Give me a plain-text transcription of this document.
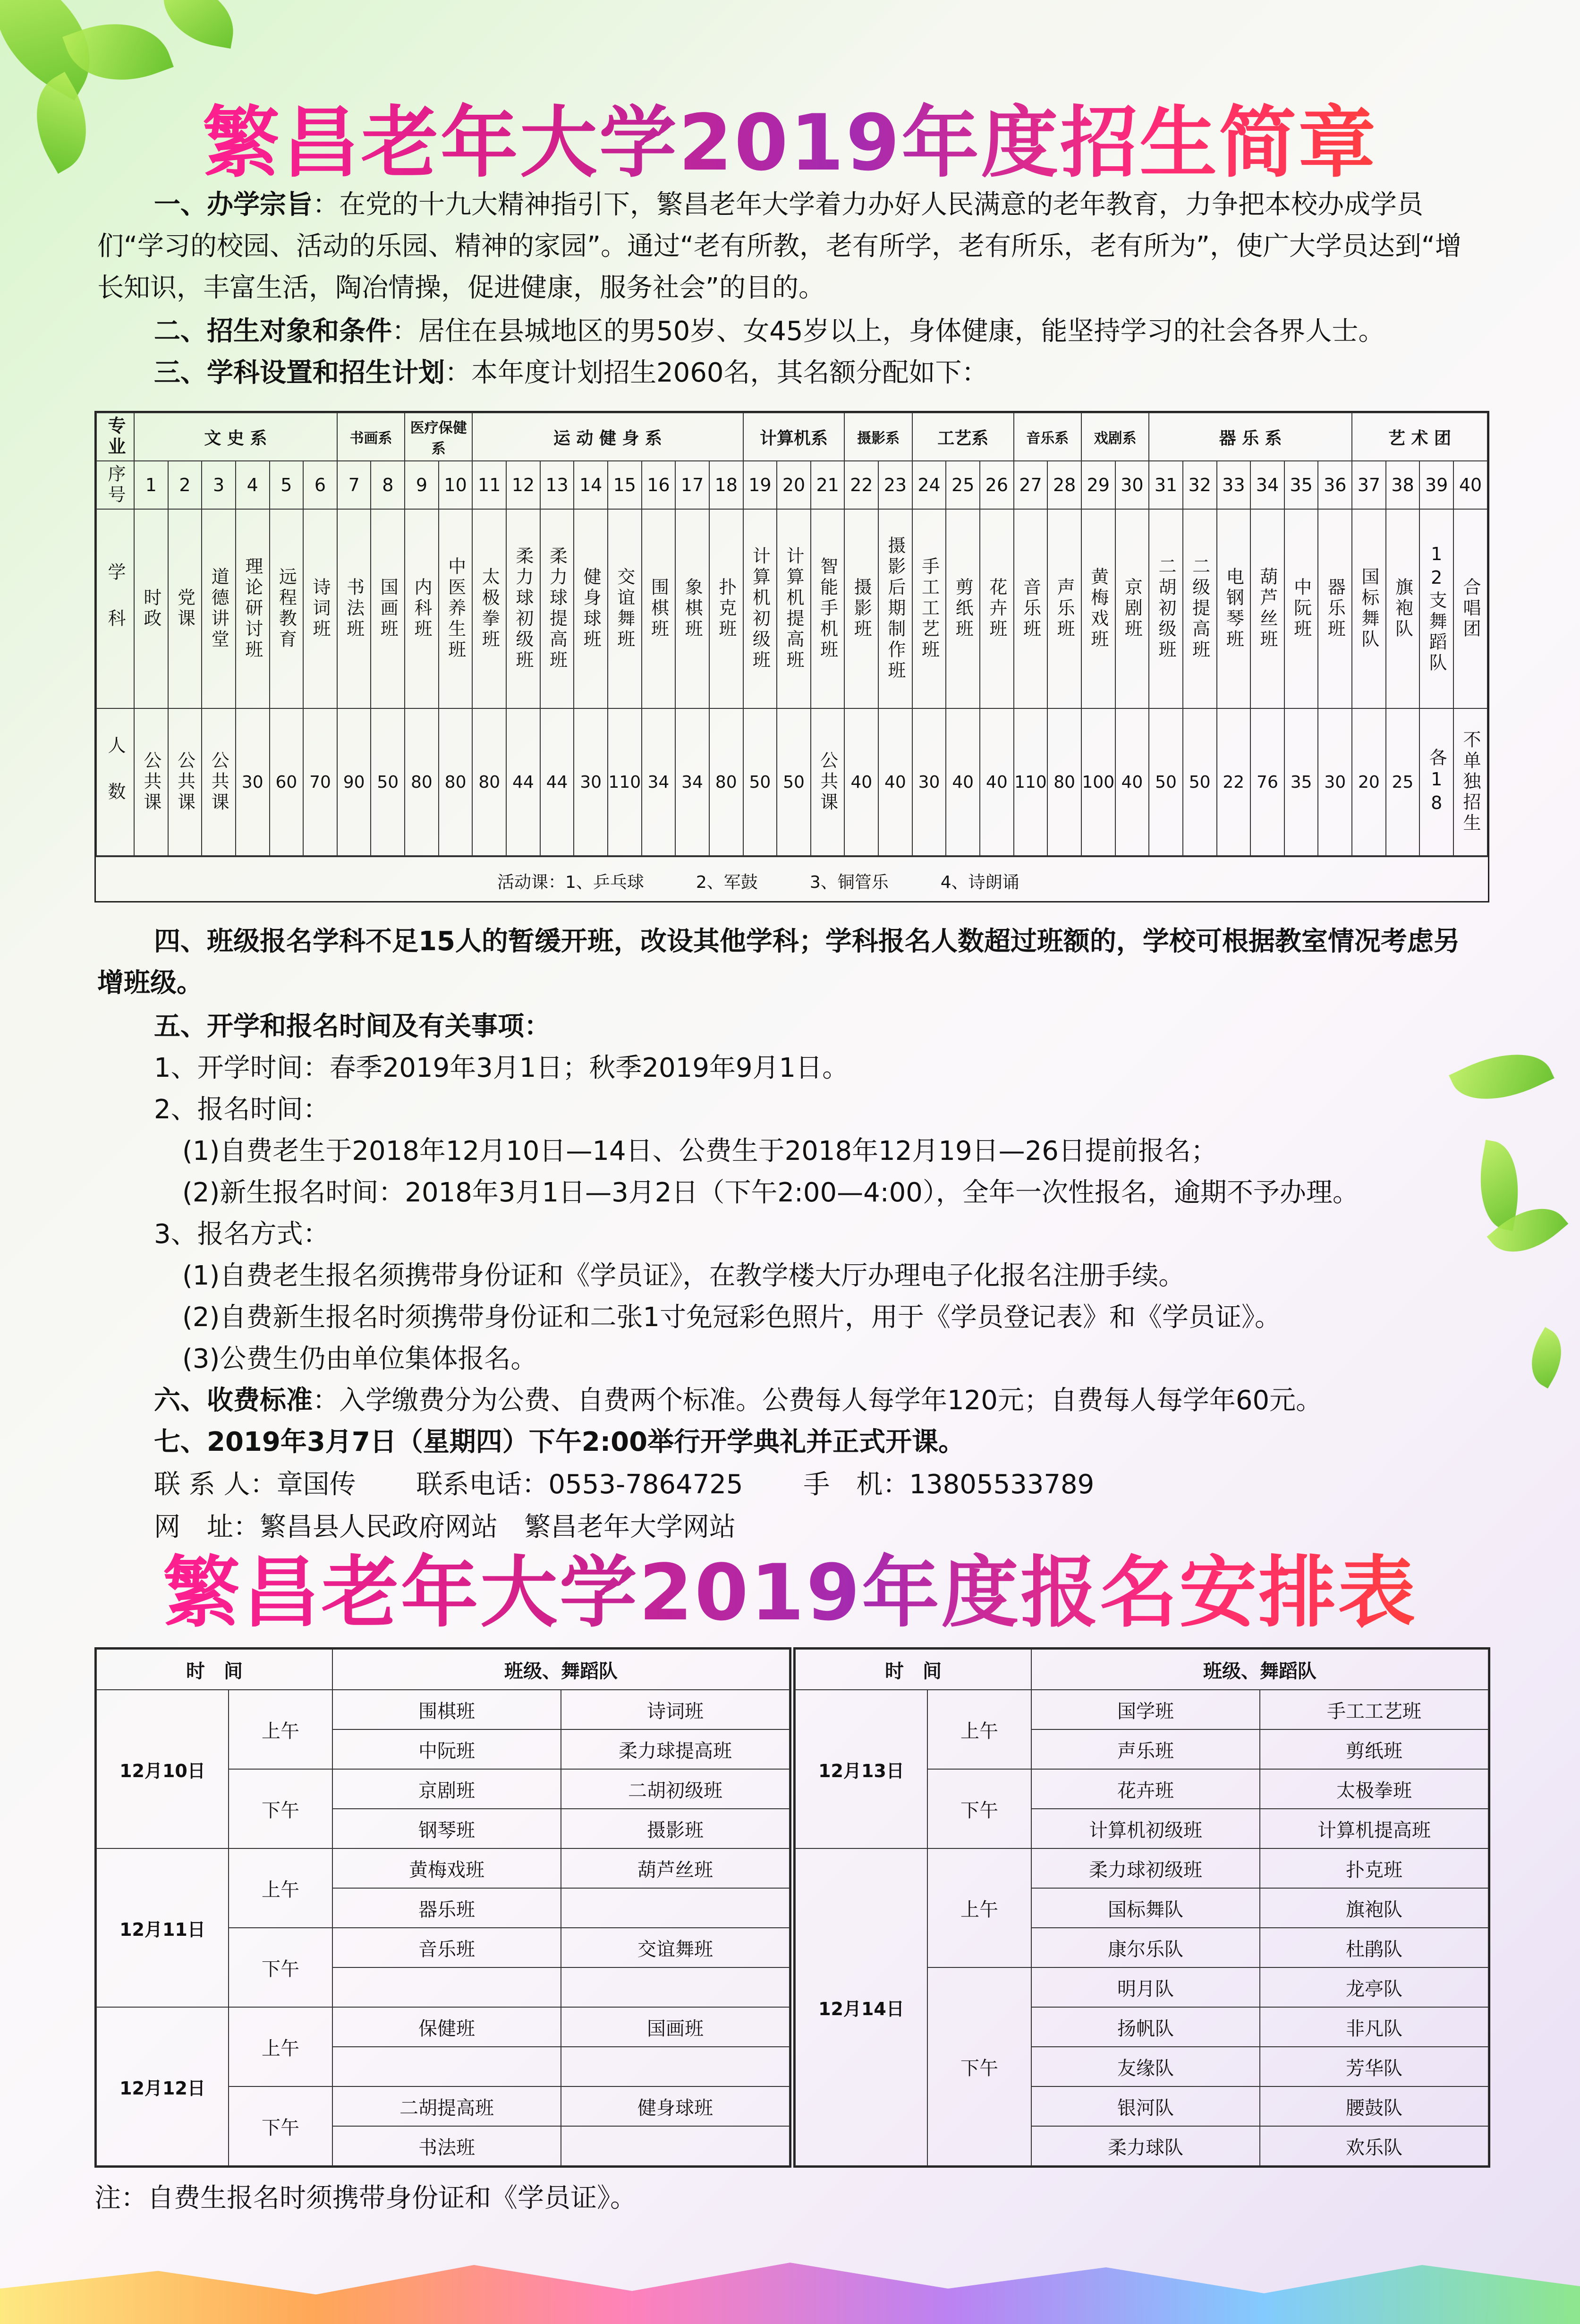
繁昌老年大学2019年度招生简章
一、办学宗旨：在党的十九大精神指引下，繁昌老年大学着力办好人民满意的老年教育，力争把本校办成学员们“学习的校园、活动的乐园、精神的家园”。通过“老有所教，老有所学，老有所乐，老有所为”，使广大学员达到“增长知识，丰富生活，陶冶情操，促进健康，服务社会”的目的。
二、招生对象和条件：居住在县城地区的男50岁、女45岁以上，身体健康，能坚持学习的社会各界人士。
三、学科设置和招生计划：本年度计划招生2060名，其名额分配如下：
专业	文 史 系						书画系		医疗保健系		运 动 健 身 系								计算机系			摄影系		工艺系			音乐系		戏剧系		器 乐 系						艺 术 团			

序号	1	2	3	4	5	6	7	8	9	10	11	12	13	14	15	16	17	18	19	20	21	22	23	24	25	26	27	28	29	30	31	32	33	34	35	36	37	38	39	40

学科	时政	党课	道德讲堂	理论研讨班	远程教育	诗词班	书法班	国画班	内科班	中医养生班	太极拳班	柔力球初级班	柔力球提高班	健身球班	交谊舞班	围棋班	象棋班	扑克班	计算机初级班	计算机提高班	智能手机班	摄影班	摄影后期制作班	手工工艺班	剪纸班	花卉班	音乐班	声乐班	黄梅戏班	京剧班	二胡初级班	二级提高班	电钢琴班	葫芦丝班	中阮班	器乐班	国标舞队	旗袍队	12支舞蹈队	合唱团

人数	公共课	公共课	公共课	30	60	70	90	50	80	80	80	44	44	30	110	34	34	80	50	50	公共课	40	40	30	40	40	110	80	100	40	50	50	22	76	35	30	20	25	各18	不单独招生
活动课：1、乒乓球	2、军鼓	3、铜管乐	4、诗朗诵
四、班级报名学科不足15人的暂缓开班，改设其他学科；学科报名人数超过班额的，学校可根据教室情况考虑另增班级。
五、开学和报名时间及有关事项：
1、开学时间：春季2019年3月1日；秋季2019年9月1日。
2、报名时间：
(1)自费老生于2018年12月10日—14日、公费生于2018年12月19日—26日提前报名；
(2)新生报名时间：2018年3月1日—3月2日（下午2:00—4:00），全年一次性报名，逾期不予办理。
3、报名方式：
(1)自费老生报名须携带身份证和《学员证》，在教学楼大厅办理电子化报名注册手续。
(2)自费新生报名时须携带身份证和二张1寸免冠彩色照片，用于《学员登记表》和《学员证》。
(3)公费生仍由单位集体报名。
六、收费标准：入学缴费分为公费、自费两个标准。公费每人每学年120元；自费每人每学年60元。
七、2019年3月7日（星期四）下午2:00举行开学典礼并正式开课。
联 系 人：章国传 联系电话：0553-7864725 手　机：13805533789
网　址：繁昌县人民政府网站　繁昌老年大学网站
繁昌老年大学2019年度报名安排表
时　间		班级、舞蹈队	
12月10日	上午	围棋班	诗词班
		中阮班	柔力球提高班
	下午	京剧班	二胡初级班
		钢琴班	摄影班
12月11日	上午	黄梅戏班	葫芦丝班
		器乐班	
	下午	音乐班	交谊舞班

12月12日	上午	保健班	国画班

	下午	二胡提高班	健身球班
		书法班	
时　间		班级、舞蹈队	
12月13日	上午	国学班	手工工艺班
		声乐班	剪纸班
	下午	花卉班	太极拳班
		计算机初级班	计算机提高班
12月14日	上午	柔力球初级班	扑克班
		国标舞队	旗袍队
		康尔乐队	杜鹃队
	下午	明月队	龙亭队
		扬帆队	非凡队
		友缘队	芳华队
		银河队	腰鼓队
		柔力球队	欢乐队
注：自费生报名时须携带身份证和《学员证》。
